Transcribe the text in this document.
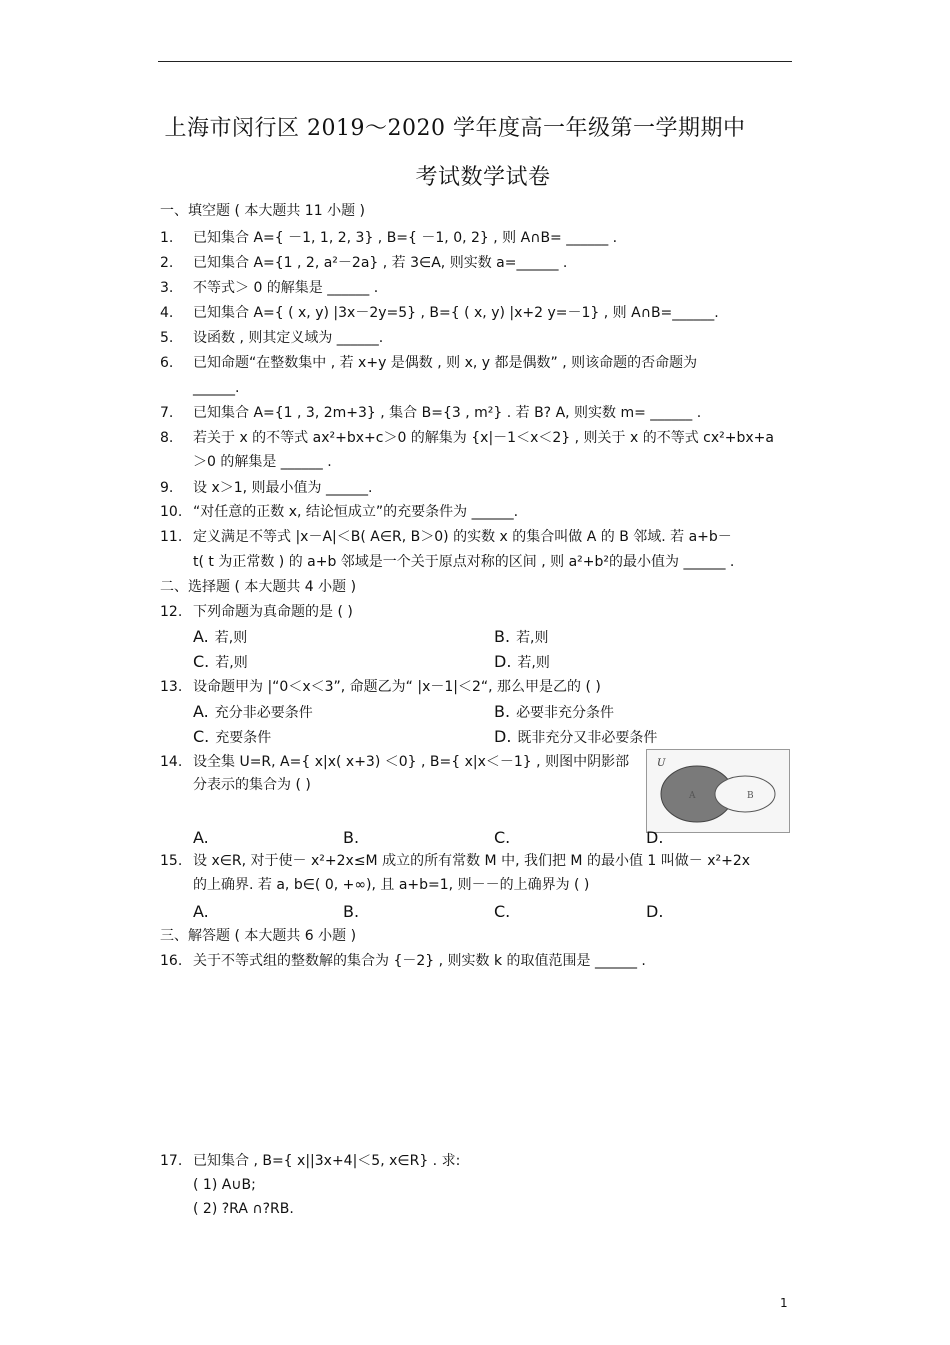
上海市闵行区 2019～2020 学年度高一年级第一学期期中
考试数学试卷
一、填空题 ( 本大题共 11 小题 )
1.	已知集合 A={ －1, 1, 2, 3} , B={ －1, 0, 2} , 则 A∩B= ______ .
2.	已知集合 A={1 , 2, a²－2a} , 若 3∈A, 则实数 a=______ .
3.	不等式＞ 0 的解集是 ______ .
4.	已知集合 A={ ( x, y) |3x－2y=5} , B={ ( x, y) |x+2 y=－1} , 则 A∩B=______.
5.	设函数 , 则其定义域为 ______.
6.	已知命题“在整数集中 , 若 x+y 是偶数 , 则 x, y 都是偶数” , 则该命题的否命题为
______.
7.	已知集合 A={1 , 3, 2m+3} , 集合 B={3 , m²} . 若 B? A, 则实数 m= ______ .
8.	若关于 x 的不等式 ax²+bx+c＞0 的解集为 {x|－1＜x＜2} , 则关于 x 的不等式 cx²+bx+a
＞0 的解集是 ______ .
9.	设 x＞1, 则最小值为 ______.
10. “对任意的正数 x, 结论恒成立”的充要条件为 ______.
11. 定义满足不等式 |x－A|＜B( A∈R, B＞0) 的实数 x 的集合叫做 A 的 B 邻域. 若 a+b－
t( t 为正常数 ) 的 a+b 邻域是一个关于原点对称的区间 , 则 a²+b²的最小值为 ______ .
二、选择题 ( 本大题共 4 小题 )
12. 下列命题为真命题的是 ( )
A. 若,则	B. 若,则
C. 若,则	D. 若,则
13. 设命题甲为 |“0＜x＜3”, 命题乙为“ |x－1|＜2“, 那么甲是乙的 ( )
A. 充分非必要条件	B. 必要非充分条件
C. 充要条件	D. 既非充分又非必要条件
14. 设全集 U=R, A={ x|x( x+3) ＜0} , B={ x|x＜－1} , 则图中阴影部
分表示的集合为 ( )
U
A	B
A.	B.	C.	D.
15. 设 x∈R, 对于使－ x²+2x≤M 成立的所有常数 M 中, 我们把 M 的最小值 1 叫做－ x²+2x
的上确界. 若 a, b∈( 0, +∞), 且 a+b=1, 则－－的上确界为 ( )
A.	B.	C.	D.
三、解答题 ( 本大题共 6 小题 )
16. 关于不等式组的整数解的集合为 {－2} , 则实数 k 的取值范围是 ______ .
17. 已知集合 , B={ x||3x+4|＜5, x∈R} . 求:
( 1) A∪B;
( 2) ?RA ∩?RB.
1
